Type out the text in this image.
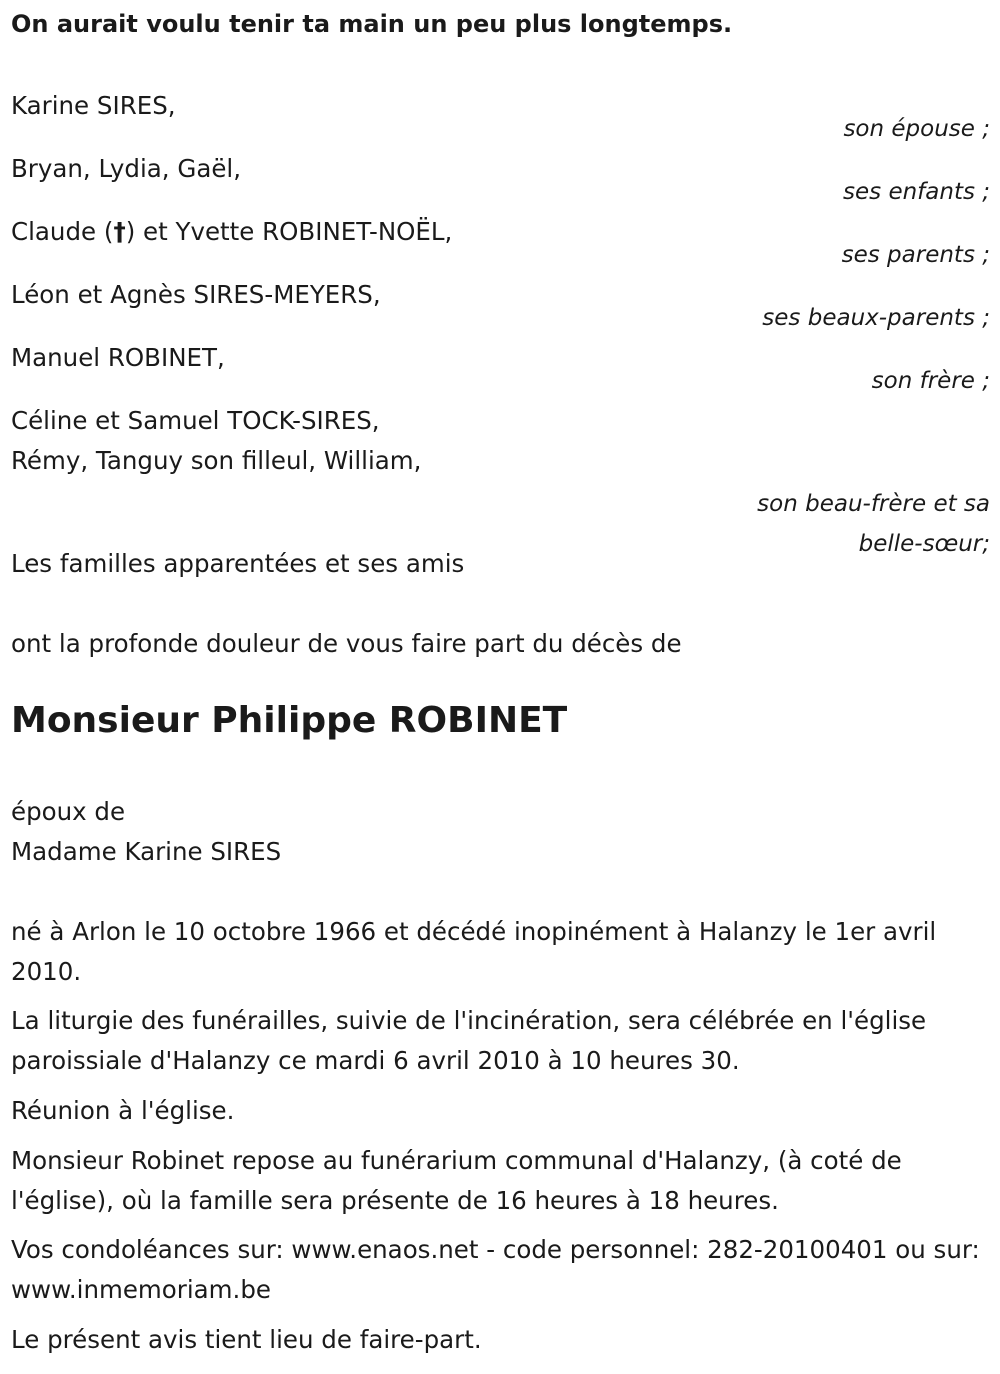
On aurait voulu tenir ta main un peu plus longtemps.
Karine SIRES,
son épouse ;
Bryan, Lydia, Gaël,
ses enfants ;
Claude (†) et Yvette ROBINET-NOËL,
ses parents ;
Léon et Agnès SIRES-MEYERS,
ses beaux-parents ;
Manuel ROBINET,
son frère ;
Céline et Samuel TOCK-SIRES,
Rémy, Tanguy son filleul, William,
son beau-frère et sa
belle-sœur;
Les familles apparentées et ses amis
ont la profonde douleur de vous faire part du décès de
Monsieur Philippe ROBINET
époux de
Madame Karine SIRES
né à Arlon le 10 octobre 1966 et décédé inopinément à Halanzy le 1er avril 2010.
La liturgie des funérailles, suivie de l'incinération, sera célébrée en l'église paroissiale d'Halanzy ce mardi 6 avril 2010 à 10 heures 30.
Réunion à l'église.
Monsieur Robinet repose au funérarium communal d'Halanzy, (à coté de l'église), où la famille sera présente de 16 heures à 18 heures.
Vos condoléances sur: www.enaos.net - code personnel: 282-20100401 ou sur: www.inmemoriam.be
Le présent avis tient lieu de faire-part.
